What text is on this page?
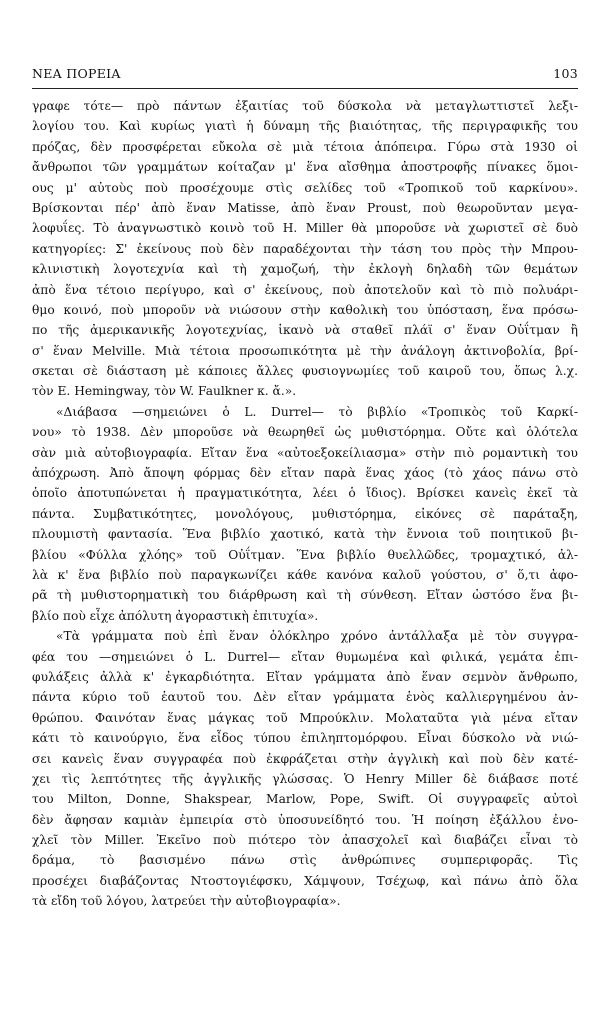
ΝΕΑ ΠΟΡΕΙΑ	103
γραφε τότε— πρὸ πάντων ἐξαιτίας τοῦ δύσκολα νὰ μεταγλωττιστεῖ λεξι-
λογίου του. Καὶ κυρίως γιατὶ ἡ δύναμη τῆς βιαιότητας, τῆς περιγραφικῆς του
πρόζας, δὲν προσφέρεται εὔκολα σὲ μιὰ τέτοια ἀπόπειρα. Γύρω στὰ 1930 οἱ
ἄνθρωποι τῶν γραμμάτων κοίταζαν μ' ἕνα αἴσθημα ἀποστροφῆς πίνακες ὅμοι-
ους μ' αὐτοὺς ποὺ προσέχουμε στὶς σελίδες τοῦ «Τροπικοῦ τοῦ καρκίνου».
Βρίσκονται πέρ' ἀπὸ ἕναν Matisse, ἀπὸ ἕναν Proust, ποὺ θεωροῦνταν μεγα-
λοφυΐες. Τὸ ἀναγνωστικὸ κοινὸ τοῦ Η. Miller θὰ μποροῦσε νὰ χωριστεῖ σὲ δυὸ
κατηγορίες: Σ' ἐκείνους ποὺ δὲν παραδέχονται τὴν τάση του πρὸς τὴν Μπρου-
κλινιστικὴ λογοτεχνία καὶ τὴ χαμοζωή, τὴν ἐκλογὴ δηλαδὴ τῶν θεμάτων
ἀπὸ ἕνα τέτοιο περίγυρο, καὶ σ' ἐκείνους, ποὺ ἀποτελοῦν καὶ τὸ πιὸ πολυάρι-
θμο κοινό, ποὺ μποροῦν νὰ νιώσουν στὴν καθολικὴ του ὑπόσταση, ἕνα πρόσω-
πο τῆς ἀμερικανικῆς λογοτεχνίας, ἱκανὸ νὰ σταθεῖ πλάϊ σ' ἕναν Οὐΐτμαν ἢ
σ' ἕναν Melville. Μιὰ τέτοια προσωπικότητα μὲ τὴν ἀνάλογη ἀκτινοβολία, βρί-
σκεται σὲ διάσταση μὲ κάποιες ἄλλες φυσιογνωμίες τοῦ καιροῦ του, ὅπως λ.χ.
τὸν E. Hemingway, τὸν W. Faulkner κ. ἄ.».
«Διάβασα —σημειώνει ὁ L. Durrel— τὸ βιβλίο «Τροπικὸς τοῦ Καρκί-
νου» τὸ 1938. Δὲν μποροῦσε νὰ θεωρηθεῖ ὡς μυθιστόρημα. Οὔτε καὶ ὁλότελα
σὰν μιὰ αὐτοβιογραφία. Εἴταν ἕνα «αὐτοεξοκείλιασμα» στὴν πιὸ ρομαντικὴ του
ἀπόχρωση. Ἀπὸ ἄποψη φόρμας δὲν εἴταν παρὰ ἕνας χάος (τὸ χάος πάνω στὸ
ὁποῖο ἀποτυπώνεται ἡ πραγματικότητα, λέει ὁ ἴδιος). Βρίσκει κανεὶς ἐκεῖ τὰ
πάντα. Συμβατικότητες, μονολόγους, μυθιστόρημα, εἰκόνες σὲ παράταξη,
πλουμιστὴ φαντασία. Ἕνα βιβλίο χαοτικό, κατὰ τὴν ἔννοια τοῦ ποιητικοῦ βι-
βλίου «Φύλλα χλόης» τοῦ Οὐΐτμαν. Ἕνα βιβλίο θυελλῶδες, τρομαχτικό, ἀλ-
λὰ κ' ἕνα βιβλίο ποὺ παραγκωνίζει κάθε κανόνα καλοῦ γούστου, σ' ὅ,τι ἀφο-
ρᾶ τὴ μυθιστορηματικὴ του διάρθρωση καὶ τὴ σύνθεση. Εἴταν ὡστόσο ἕνα βι-
βλίο ποὺ εἶχε ἀπόλυτη ἀγοραστικὴ ἐπιτυχία».
«Τὰ γράμματα ποὺ ἐπὶ ἕναν ὁλόκληρο χρόνο ἀντάλλαξα μὲ τὸν συγγρα-
φέα του —σημειώνει ὁ L. Durrel— εἴταν θυμωμένα καὶ φιλικά, γεμάτα ἐπι-
φυλάξεις ἀλλὰ κ' ἐγκαρδιότητα. Εἴταν γράμματα ἀπὸ ἕναν σεμνὸν ἄνθρωπο,
πάντα κύριο τοῦ ἑαυτοῦ του. Δὲν εἴταν γράμματα ἑνὸς καλλιεργημένου ἀν-
θρώπου. Φαινόταν ἕνας μάγκας τοῦ Μπρούκλιν. Μολαταῦτα γιὰ μένα εἴταν
κάτι τὸ καινούργιο, ἕνα εἶδος τύπου ἐπιληπτομόρφου. Εἶναι δύσκολο νὰ νιώ-
σει κανεὶς ἕναν συγγραφέα ποὺ ἐκφράζεται στὴν ἀγγλικὴ καὶ ποὺ δὲν κατέ-
χει τὶς λεπτότητες τῆς ἀγγλικῆς γλώσσας. Ὁ Henry Miller δὲ διάβασε ποτέ
του Milton, Donne, Shakspear, Marlow, Pope, Swift. Οἱ συγγραφεῖς αὐτοὶ
δὲν ἄφησαν καμιὰν ἐμπειρία στὸ ὑποσυνείδητό του. Ἡ ποίηση ἐξάλλου ἐνο-
χλεῖ τὸν Miller. Ἐκεῖνο ποὺ πιότερο τὸν ἀπασχολεῖ καὶ διαβάζει εἶναι τὸ
δράμα, τὸ βασισμένο πάνω στὶς ἀνθρώπινες συμπεριφορᾶς. Τὶς
προσέχει διαβάζοντας Ντοστογιέφσκυ, Χάμψουν, Τσέχωφ, καὶ πάνω ἀπὸ ὅλα
τὰ εἴδη τοῦ λόγου, λατρεύει τὴν αὐτοβιογραφία».
